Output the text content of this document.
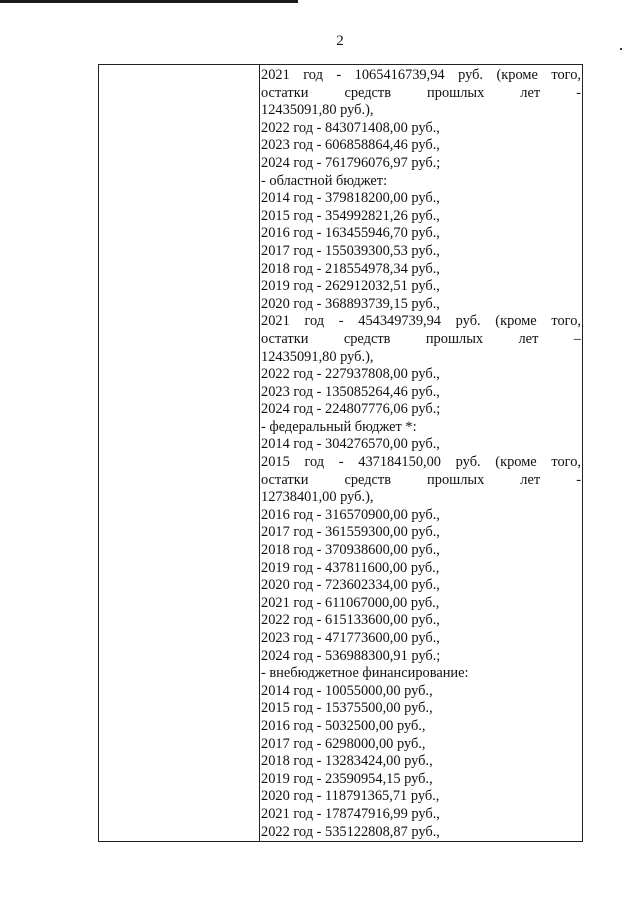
2
2021 год - 1065416739,94 руб. (кроме того,
остатки средств прошлых лет -
12435091,80 руб.),
2022 год - 843071408,00 руб.,
2023 год - 606858864,46 руб.,
2024 год - 761796076,97 руб.;
- областной бюджет:
2014 год - 379818200,00 руб.,
2015 год - 354992821,26 руб.,
2016 год - 163455946,70 руб.,
2017 год - 155039300,53 руб.,
2018 год - 218554978,34 руб.,
2019 год - 262912032,51 руб.,
2020 год - 368893739,15 руб.,
2021 год - 454349739,94 руб. (кроме того,
остатки средств прошлых лет –
12435091,80 руб.),
2022 год - 227937808,00 руб.,
2023 год - 135085264,46 руб.,
2024 год - 224807776,06 руб.;
- федеральный бюджет *:
2014 год - 304276570,00 руб.,
2015 год - 437184150,00 руб. (кроме того,
остатки средств прошлых лет -
12738401,00 руб.),
2016 год - 316570900,00 руб.,
2017 год - 361559300,00 руб.,
2018 год - 370938600,00 руб.,
2019 год - 437811600,00 руб.,
2020 год - 723602334,00 руб.,
2021 год - 611067000,00 руб.,
2022 год - 615133600,00 руб.,
2023 год - 471773600,00 руб.,
2024 год - 536988300,91 руб.;
- внебюджетное финансирование:
2014 год - 10055000,00 руб.,
2015 год - 15375500,00 руб.,
2016 год - 5032500,00 руб.,
2017 год - 6298000,00 руб.,
2018 год - 13283424,00 руб.,
2019 год - 23590954,15 руб.,
2020 год - 118791365,71 руб.,
2021 год - 178747916,99 руб.,
2022 год - 535122808,87 руб.,
